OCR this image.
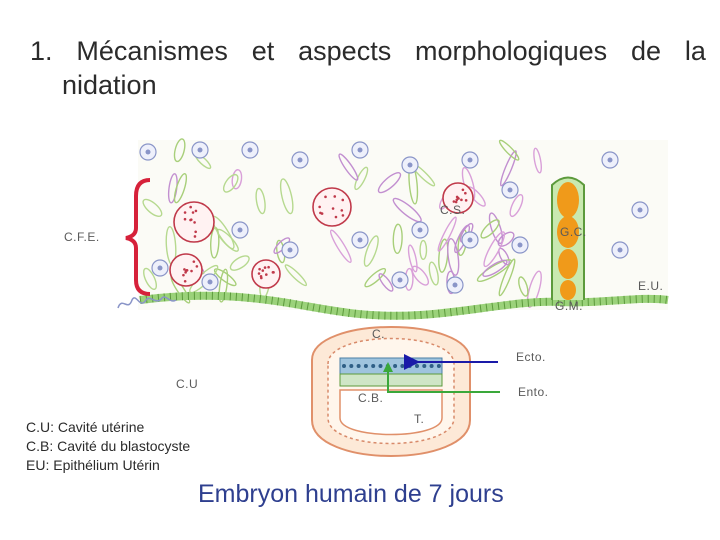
1. Mécanismes et aspects morphologiques de la
nidation
C.F.E.
C.S.
G.C.
E.U.
G.M.
C.
Ecto.
Ento.
C.U
C.B.
T.
C.U: Cavité utérine
C.B: Cavité du blastocyste
EU: Epithélium Utérin
Embryon humain de 7 jours
